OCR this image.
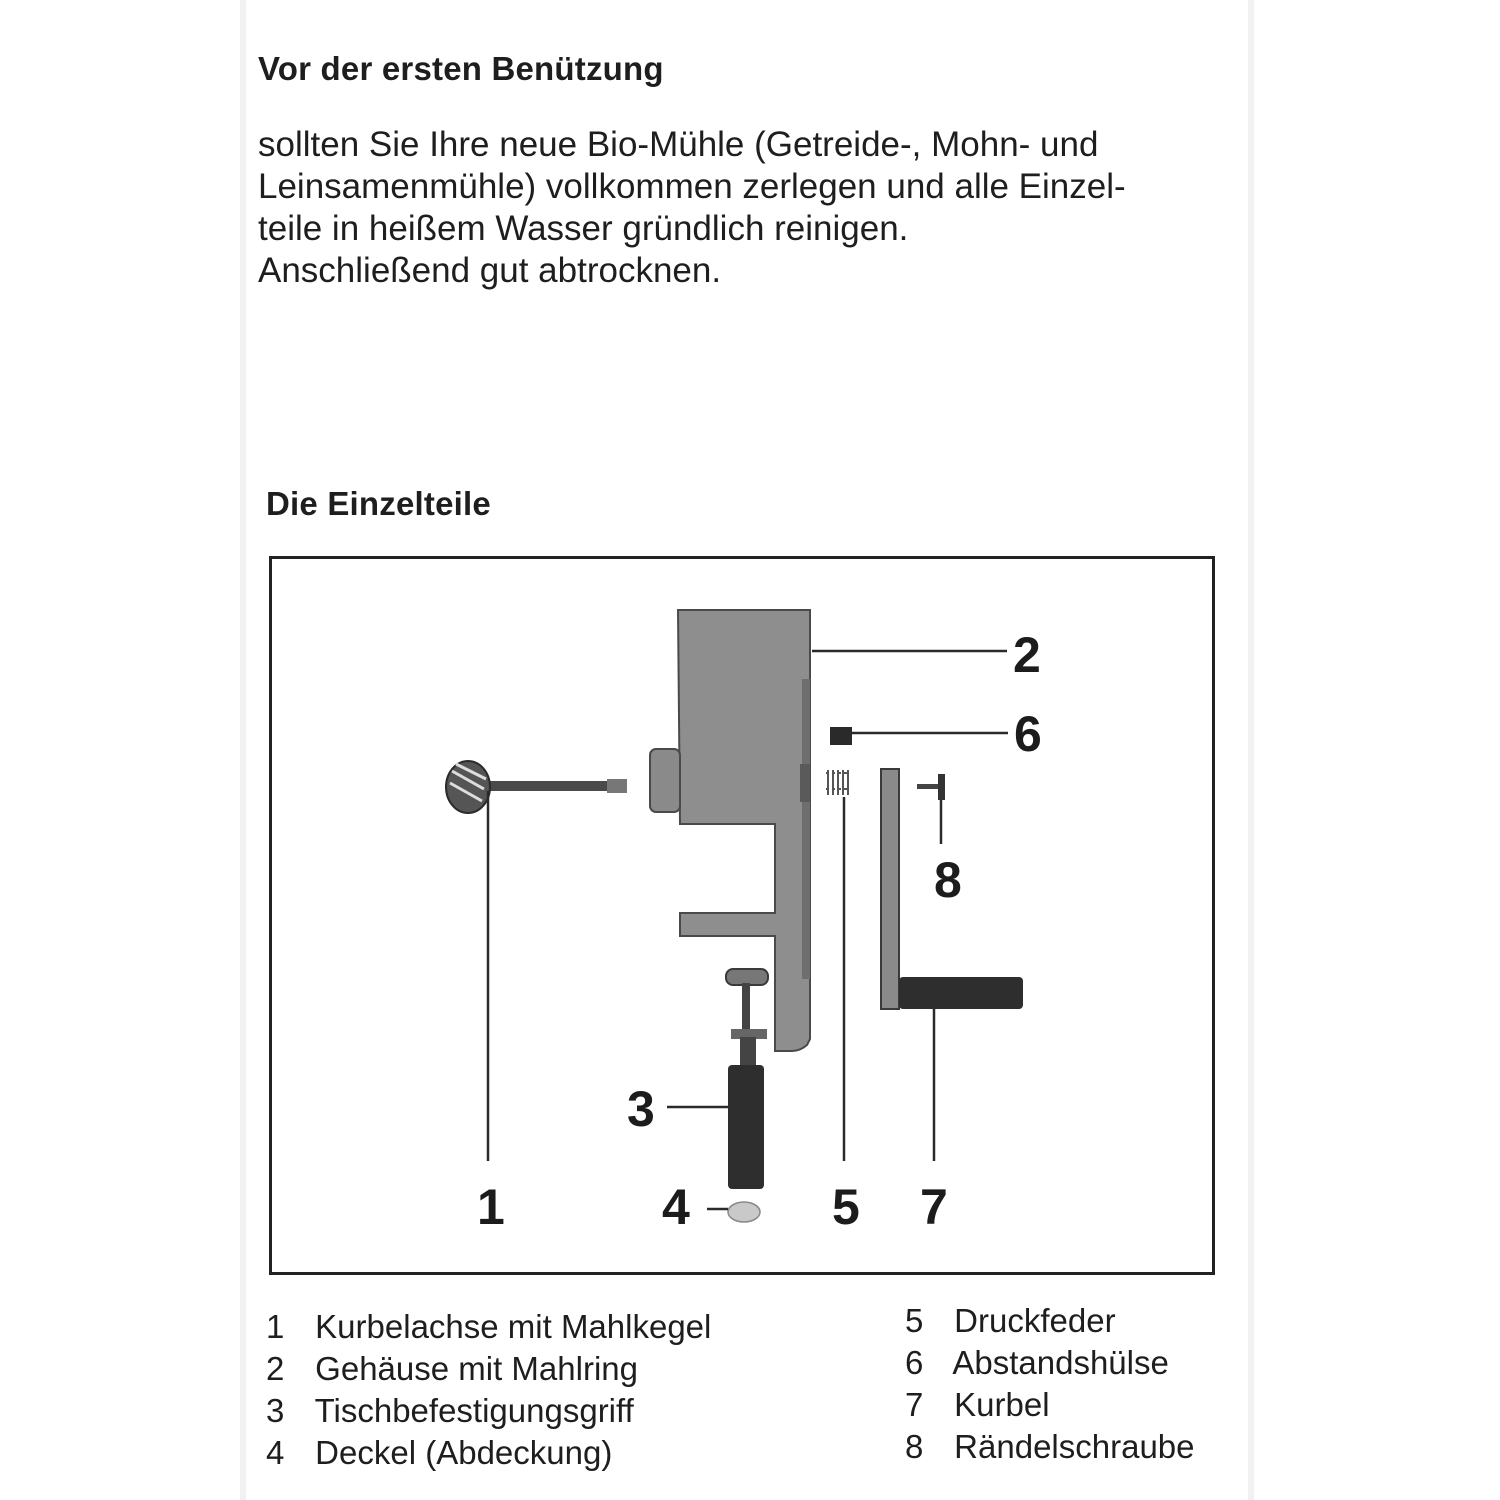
Vor der ersten Benützung
sollten Sie Ihre neue Bio-Mühle (Getreide-, Mohn- und
Leinsamenmühle) vollkommen zerlegen und alle Einzel-
teile in heißem Wasser gründlich reinigen.
Anschließend gut abtrocknen.
Die Einzelteile
1
2
3
4	5
6
7
8
1 Kurbelachse mit Mahlkegel
2 Gehäuse mit Mahlring
3 Tischbefestigungsgriff
4 Deckel (Abdeckung)
5 Druckfeder
6 Abstandshülse
7 Kurbel
8 Rändelschraube
